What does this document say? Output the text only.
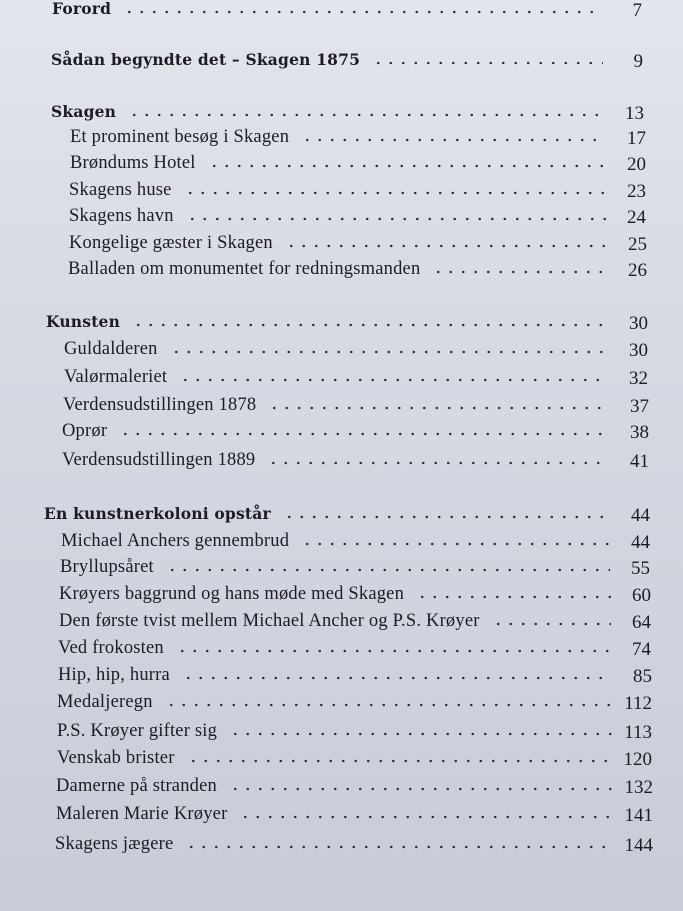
Forord	7
Sådan begyndte det – Skagen 1875	9
Skagen	13
Et prominent besøg i Skagen	17
Brøndums Hotel	20
Skagens huse	23
Skagens havn	24
Kongelige gæster i Skagen	25
Balladen om monumentet for redningsmanden	26
Kunsten	30
Guldalderen	30
Valørmaleriet	32
Verdensudstillingen 1878	37
Oprør	38
Verdensudstillingen 1889	41
En kunstnerkoloni opstår	44
Michael Anchers gennembrud	44
Bryllupsåret	55
Krøyers baggrund og hans møde med Skagen	60
Den første tvist mellem Michael Ancher og P.S. Krøyer	64
Ved frokosten	74
Hip, hip, hurra	85
Medaljeregn	112
P.S. Krøyer gifter sig	113
Venskab brister	120
Damerne på stranden	132
Maleren Marie Krøyer	141
Skagens jægere	144
